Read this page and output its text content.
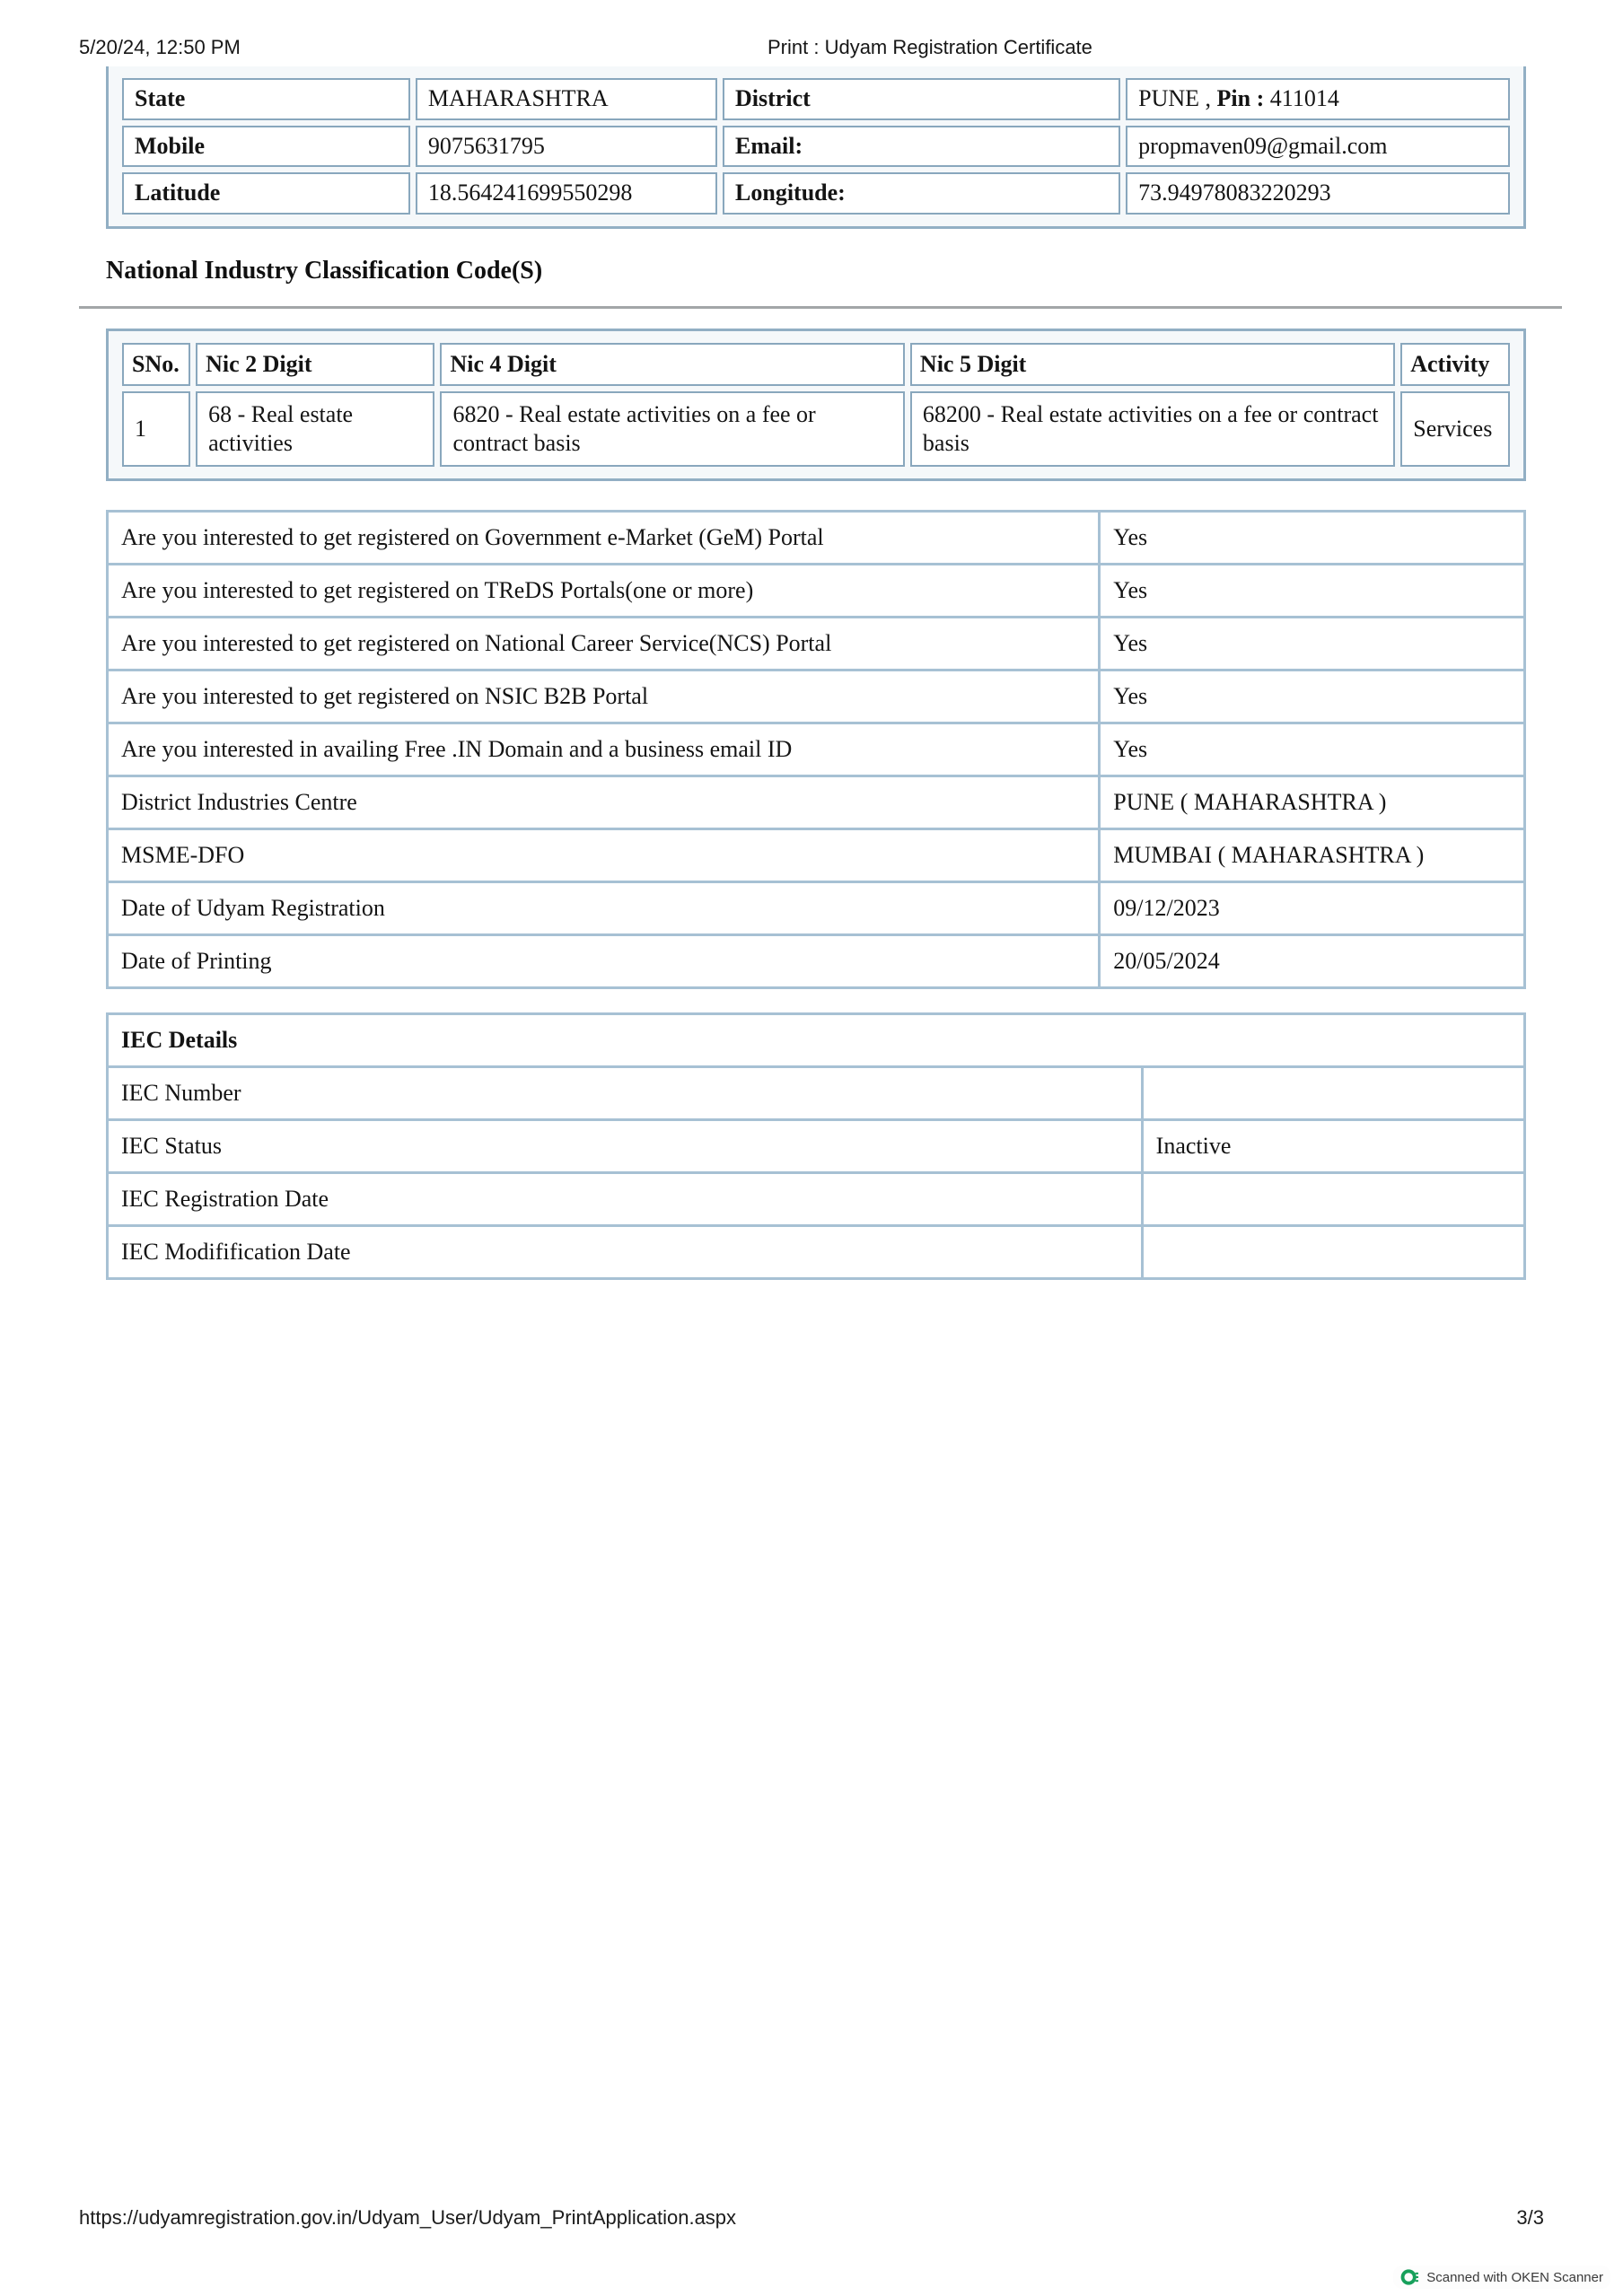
5/20/24, 12:50 PM	Print : Udyam Registration Certificate
State	MAHARASHTRA	District	PUNE , Pin : 411014
Mobile	9075631795	Email:	propmaven09@gmail.com
Latitude	18.564241699550298	Longitude:	73.94978083220293
National Industry Classification Code(S)
SNo.	Nic 2 Digit	Nic 4 Digit	Nic 5 Digit	Activity
1	68 - Real estate activities	6820 - Real estate activities on a fee or contract basis	68200 - Real estate activities on a fee or contract basis	Services
Are you interested to get registered on Government e-Market (GeM) Portal	Yes
Are you interested to get registered on TReDS Portals(one or more)	Yes
Are you interested to get registered on National Career Service(NCS) Portal	Yes
Are you interested to get registered on NSIC B2B Portal	Yes
Are you interested in availing Free .IN Domain and a business email ID	Yes
District Industries Centre	PUNE ( MAHARASHTRA )
MSME-DFO	MUMBAI ( MAHARASHTRA )
Date of Udyam Registration	09/12/2023
Date of Printing	20/05/2024
IEC Details	
IEC Number	
IEC Status	Inactive
IEC Registration Date	
IEC Modifification Date	
https://udyamregistration.gov.in/Udyam_User/Udyam_PrintApplication.aspx	3/3
Scanned with OKEN Scanner
